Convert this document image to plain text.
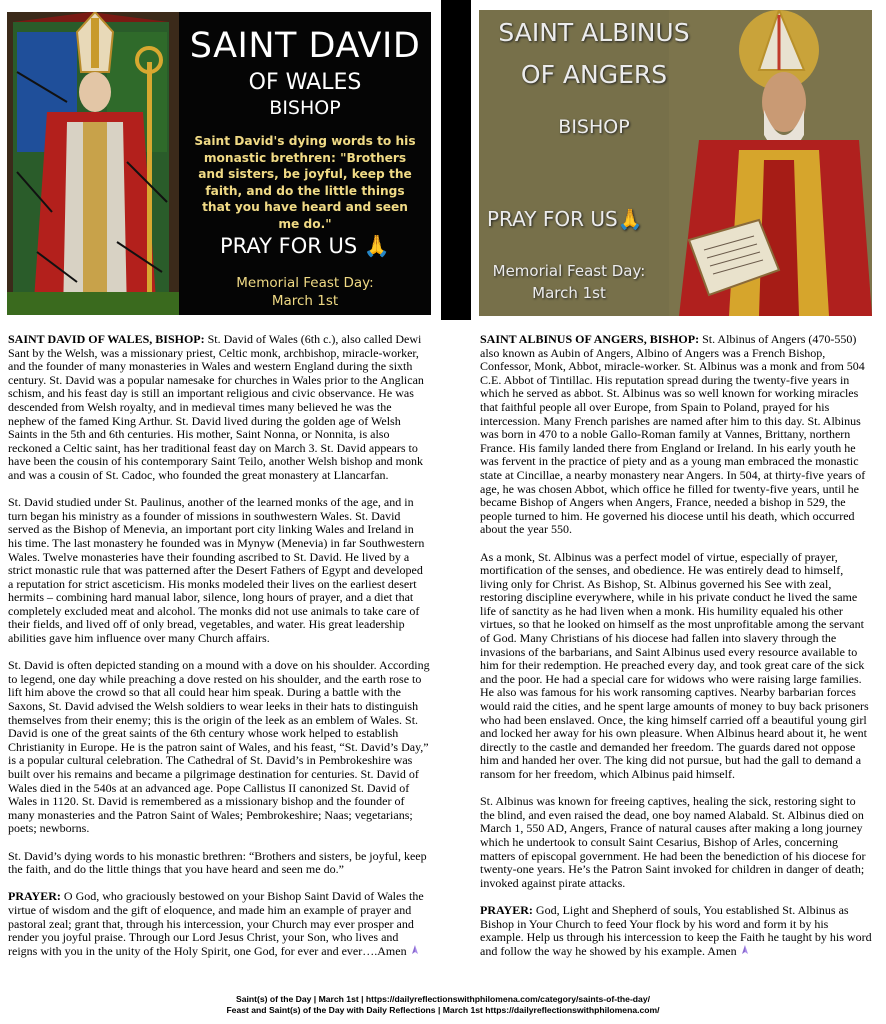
SAINT DAVID
OF WALES
BISHOP
Saint David's dying words to his monastic brethren: "Brothers and sisters, be joyful, keep the faith, and do the little things that you have heard and seen me do."
PRAY FOR US 🙏
Memorial Feast Day:
March 1st
SAINT ALBINUS
OF ANGERS
BISHOP
PRAY FOR US🙏
Memorial Feast Day:
March 1st

SAINT DAVID OF WALES, BISHOP: St. David of Wales (6th c.), also called Dewi Sant by the Welsh, was a missionary priest, Celtic monk, archbishop, miracle-worker, and the founder of many monasteries in Wales and western England during the sixth century. St. David was a popular namesake for churches in Wales prior to the Anglican schism, and his feast day is still an important religious and civic observance. He was descended from Welsh royalty, and in medieval times many believed he was the nephew of the famed King Arthur. St. David lived during the golden age of Welsh Saints in the 5th and 6th centuries. His mother, Saint Nonna, or Nonnita, is also reckoned a Celtic saint, has her traditional feast day on March 3. St. David appears to have been the cousin of his contemporary Saint Teilo, another Welsh bishop and monk and was a cousin of St. Cadoc, who founded the great monastery at Llancarfan.

St. David studied under St. Paulinus, another of the learned monks of the age, and in turn began his ministry as a founder of missions in southwestern Wales. St. David served as the Bishop of Menevia, an important port city linking Wales and Ireland in his time. The last monastery he founded was in Mynyw (Menevia) in far Southwestern Wales. Twelve monasteries have their founding ascribed to St. David. He lived by a strict monastic rule that was patterned after the Desert Fathers of Egypt and developed a reputation for strict asceticism. His monks modeled their lives on the earliest desert hermits – combining hard manual labor, silence, long hours of prayer, and a diet that completely excluded meat and alcohol. The monks did not use animals to take care of their fields, and lived off of only bread, vegetables, and water. His great leadership abilities gave him influence over many Church affairs.

St. David is often depicted standing on a mound with a dove on his shoulder. According to legend, one day while preaching a dove rested on his shoulder, and the earth rose to lift him above the crowd so that all could hear him speak. During a battle with the Saxons, St. David advised the Welsh soldiers to wear leeks in their hats to distinguish themselves from their enemy; this is the origin of the leek as an emblem of Wales. St. David is one of the great saints of the 6th century whose work helped to establish Christianity in Europe. He is the patron saint of Wales, and his feast, “St. David’s Day,” is a popular cultural celebration. The Cathedral of St. David’s in Pembrokeshire was built over his remains and became a pilgrimage destination for centuries. St. David of Wales died in the 540s at an advanced age. Pope Callistus II canonized St. David of Wales in 1120. St. David is remembered as a missionary bishop and the founder of many monasteries and the Patron Saint of Wales; Pembrokeshire; Naas; vegetarians; poets; newborns.

St. David’s dying words to his monastic brethren: “Brothers and sisters, be joyful, keep the faith, and do the little things that you have heard and seen me do.”

PRAYER: O God, who graciously bestowed on your Bishop Saint David of Wales the virtue of wisdom and the gift of eloquence, and made him an example of prayer and pastoral zeal; grant that, through his intercession, your Church may ever prosper and render you joyful praise. Through our Lord Jesus Christ, your Son, who lives and reigns with you in the unity of the Holy Spirit, one God, for ever and ever….Amen

SAINT ALBINUS OF ANGERS, BISHOP: St. Albinus of Angers (470-550) also known as Aubin of Angers, Albino of Angers was a French Bishop, Confessor, Monk, Abbot, miracle-worker. St. Albinus was a monk and from 504 C.E. Abbot of Tintillac. His reputation spread during the twenty-five years in which he served as abbot. St. Albinus was so well known for working miracles that faithful people all over Europe, from Spain to Poland, prayed for his intercession. Many French parishes are named after him to this day. St. Albinus was born in 470 to a noble Gallo-Roman family at Vannes, Brittany, northern France. His family landed there from England or Ireland. In his early youth he was fervent in the practice of piety and as a young man embraced the monastic state at Cincillae, a nearby monastery near Angers. In 504, at thirty-five years of age, he was chosen Abbot, which office he filled for twenty-five years, until he became Bishop of Angers when Angers, France, needed a bishop in 529, the people turned to him. He governed his diocese until his death, which occurred about the year 550.

As a monk, St. Albinus was a perfect model of virtue, especially of prayer, mortification of the senses, and obedience. He was entirely dead to himself, living only for Christ. As Bishop, St. Albinus governed his See with zeal, restoring discipline everywhere, while in his private conduct he lived the same life of sanctity as he had liven when a monk. His humility equaled his other virtues, so that he looked on himself as the most unprofitable among the servant of God. Many Christians of his diocese had fallen into slavery through the invasions of the barbarians, and Saint Albinus used every resource available to him for their redemption. He preached every day, and took great care of the sick and the poor. He had a special care for widows who were raising large families. He also was famous for his work ransoming captives. Nearby barbarian forces would raid the cities, and he spent large amounts of money to buy back prisoners who had been enslaved. Once, the king himself carried off a beautiful young girl and locked her away for his own pleasure. When Albinus heard about it, he went directly to the castle and demanded her freedom. The guards dared not oppose him and handed her over. The king did not pursue, but had the gall to demand a ransom for her freedom, which Albinus paid himself.

St. Albinus was known for freeing captives, healing the sick, restoring sight to the blind, and even raised the dead, one boy named Alabald. St. Albinus died on March 1, 550 AD, Angers, France of natural causes after making a long journey which he undertook to consult Saint Cesarius, Bishop of Arles, concerning matters of episcopal government. He had been the benediction of his diocese for twenty-one years. He’s the Patron Saint invoked for children in danger of death; invoked against pirate attacks.

PRAYER: God, Light and Shepherd of souls, You established St. Albinus as Bishop in Your Church to feed Your flock by his word and form it by his example. Help us through his intercession to keep the Faith he taught by his word and follow the way he showed by his example. Amen

Saint(s) of the Day | March 1st | https://dailyreflectionswithphilomena.com/category/saints-of-the-day/
Feast and Saint(s) of the Day with Daily Reflections | March 1st https://dailyreflectionswithphilomena.com/
